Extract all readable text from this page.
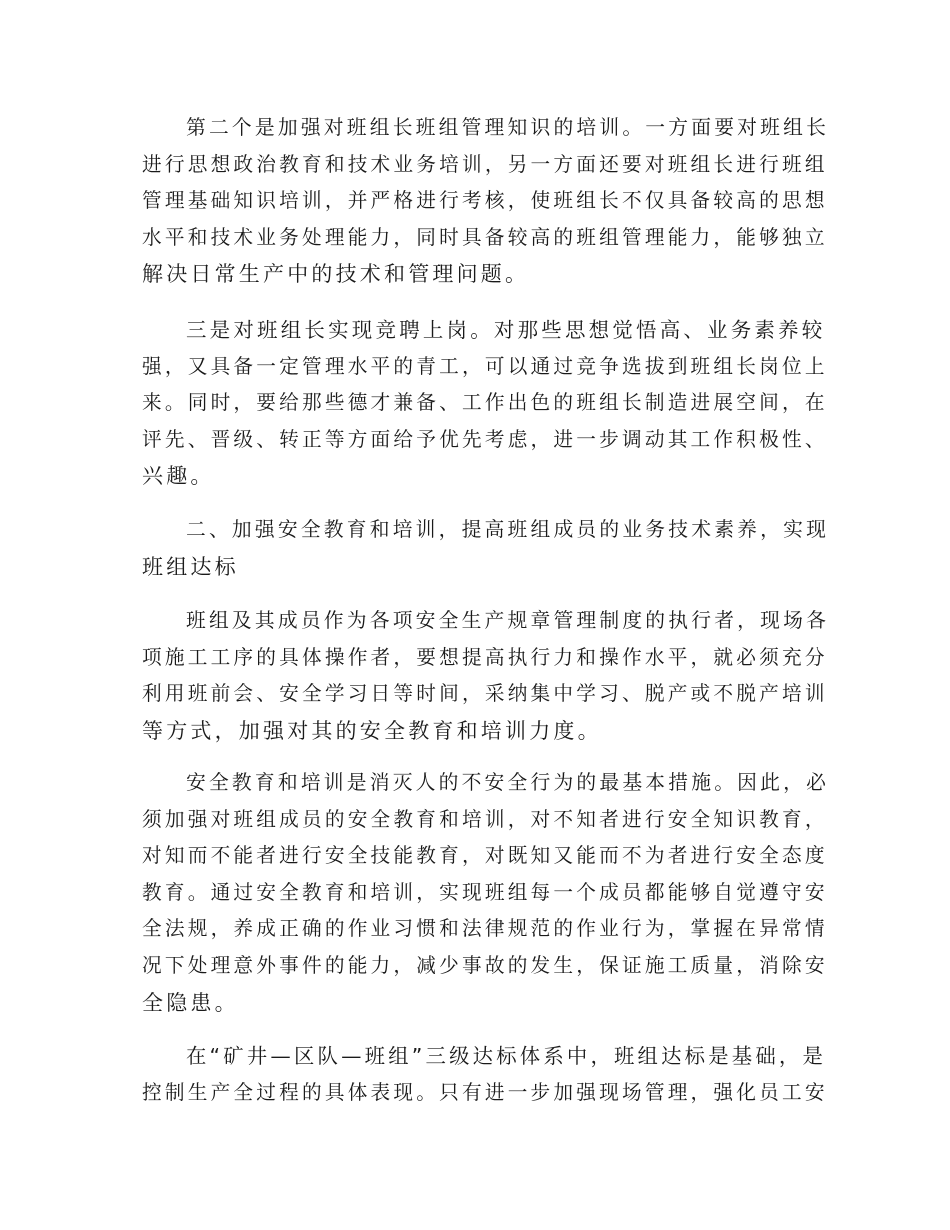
第二个是加强对班组长班组管理知识的培训。一方面要对班组长
进行思想政治教育和技术业务培训，另一方面还要对班组长进行班组
管理基础知识培训，并严格进行考核，使班组长不仅具备较高的思想
水平和技术业务处理能力，同时具备较高的班组管理能力，能够独立
解决日常生产中的技术和管理问题。
三是对班组长实现竞聘上岗。对那些思想觉悟高、业务素养较
强，又具备一定管理水平的青工，可以通过竞争选拔到班组长岗位上
来。同时，要给那些德才兼备、工作出色的班组长制造进展空间，在
评先、晋级、转正等方面给予优先考虑，进一步调动其工作积极性、
兴趣。
二、加强安全教育和培训，提高班组成员的业务技术素养，实现
班组达标
班组及其成员作为各项安全生产规章管理制度的执行者，现场各
项施工工序的具体操作者，要想提高执行力和操作水平，就必须充分
利用班前会、安全学习日等时间，采纳集中学习、脱产或不脱产培训
等方式，加强对其的安全教育和培训力度。
安全教育和培训是消灭人的不安全行为的最基本措施。因此，必
须加强对班组成员的安全教育和培训，对不知者进行安全知识教育，
对知而不能者进行安全技能教育，对既知又能而不为者进行安全态度
教育。通过安全教育和培训，实现班组每一个成员都能够自觉遵守安
全法规，养成正确的作业习惯和法律规范的作业行为，掌握在异常情
况下处理意外事件的能力，减少事故的发生，保证施工质量，消除安
全隐患。
在“矿井—区队—班组”三级达标体系中，班组达标是基础，是
控制生产全过程的具体表现。只有进一步加强现场管理，强化员工安
